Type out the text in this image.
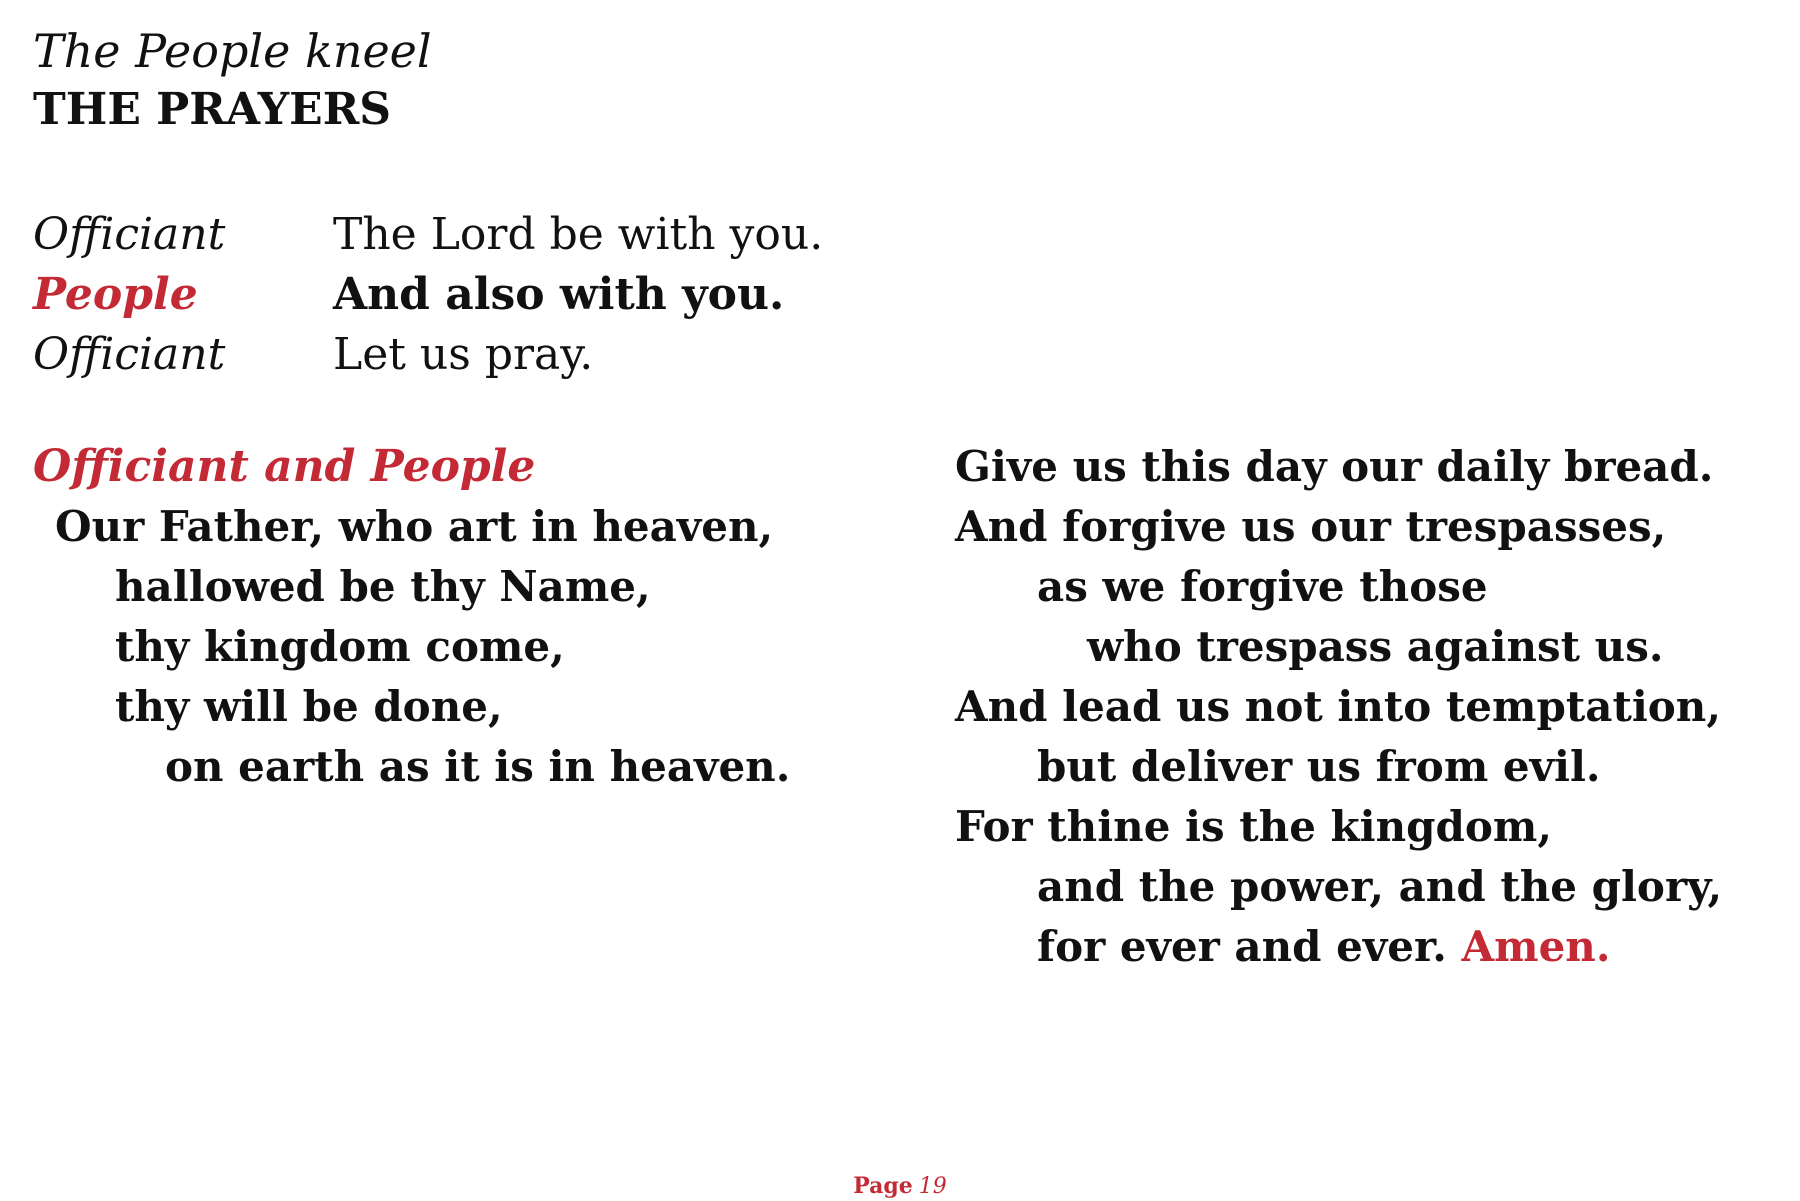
The People kneel
THE PRAYERS
Officiant	The Lord be with you.
People	And also with you.
Officiant	Let us pray.
Officiant and People
Our Father, who art in heaven,
hallowed be thy Name,
thy kingdom come,
thy will be done,
on earth as it is in heaven.
Give us this day our daily bread.
And forgive us our trespasses,
as we forgive those
who trespass against us.
And lead us not into temptation,
but deliver us from evil.
For thine is the kingdom,
and the power, and the glory,
for ever and ever. Amen.
Page 19
